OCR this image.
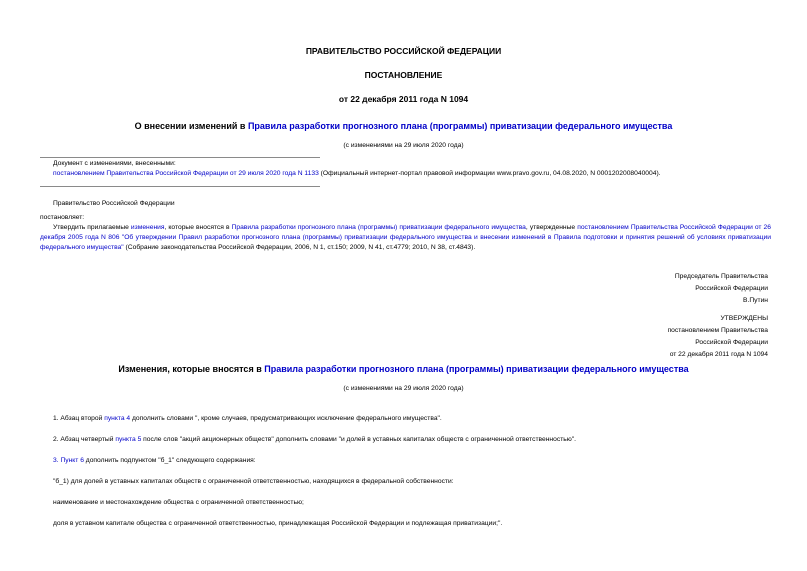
ПРАВИТЕЛЬСТВО РОССИЙСКОЙ ФЕДЕРАЦИИ
ПОСТАНОВЛЕНИЕ
от 22 декабря 2011 года N 1094
О внесении изменений в Правила разработки прогнозного плана (программы) приватизации федерального имущества
(с изменениями на 29 июля 2020 года)
Документ с изменениями, внесенными:
постановлением Правительства Российской Федерации от 29 июля 2020 года N 1133 (Официальный интернет-портал правовой информации www.pravo.gov.ru, 04.08.2020, N 0001202008040004).
Правительство Российской Федерации
постановляет:
Утвердить прилагаемые изменения, которые вносятся в Правила разработки прогнозного плана (программы) приватизации федерального имущества, утвержденные постановлением Правительства Российской Федерации от 26 декабря 2005 года N 806 "Об утверждении Правил разработки прогнозного плана (программы) приватизации федерального имущества и внесении изменений в Правила подготовки и принятия решений об условиях приватизации федерального имущества" (Собрание законодательства Российской Федерации, 2006, N 1, ст.150; 2009, N 41, ст.4779; 2010, N 38, ст.4843).
Председатель Правительства
Российской Федерации
В.Путин
УТВЕРЖДЕНЫ
постановлением Правительства
Российской Федерации
от 22 декабря 2011 года N 1094
Изменения, которые вносятся в Правила разработки прогнозного плана (программы) приватизации федерального имущества
(с изменениями на 29 июля 2020 года)
1. Абзац второй пункта 4 дополнить словами ", кроме случаев, предусматривающих исключение федерального имущества".
2. Абзац четвертый пункта 5 после слов "акций акционерных обществ" дополнить словами "и долей в уставных капиталах обществ с ограниченной ответственностью".
3. Пункт 6 дополнить подпунктом "б_1" следующего содержания:
"б_1) для долей в уставных капиталах обществ с ограниченной ответственностью, находящихся в федеральной собственности:
наименование и местонахождение общества с ограниченной ответственностью;
доля в уставном капитале общества с ограниченной ответственностью, принадлежащая Российской Федерации и подлежащая приватизации;".
